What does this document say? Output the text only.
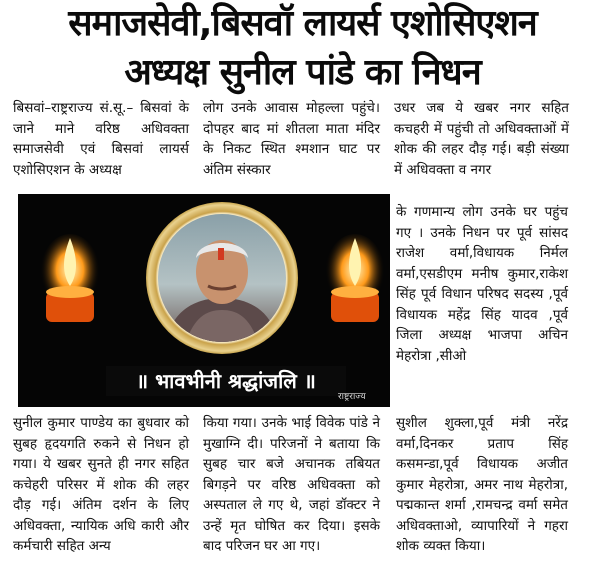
समाजसेवी,बिसवॉ लायर्स एशोसिएशन
अध्यक्ष सुनील पांडे का निधन

बिसवां–राष्ट्रराज्य सं.सू.– बिसवां के जाने माने वरिष्ठ अधिवक्ता समाजसेवी एवं बिसवां लायर्स एशोसिएशन के अध्यक्ष

लोग उनके आवास मोहल्ला पहुंचे। दोपहर बाद मां शीतला माता मंदिर के निकट स्थित श्मशान घाट पर अंतिम संस्कार

उधर जब ये खबर नगर सहित कचहरी में पहुंची तो अधिवक्ताओं में शोक की लहर दौड़ गई। बड़ी संख्या में अधिवक्ता व नगर

के गणमान्य लोग उनके घर पहुंच गए । उनके निधन पर पूर्व सांसद राजेश वर्मा,विधायक निर्मल वर्मा,एसडीएम मनीष कुमार,राकेश सिंह पूर्व विधान परिषद सदस्य ,पूर्व विधायक महेंद्र सिंह यादव ,पूर्व जिला अध्यक्ष भाजपा अचिन मेहरोत्रा ,सीओ

॥ भावभीनी श्रद्धांजलि ॥
राष्ट्रराज्य

सुनील कुमार पाण्डेय का बुधवार को सुबह हृदयगति रुकने से निधन हो गया। ये खबर सुनते ही नगर सहित कचेहरी परिसर में शोक की लहर दौड़ गई। अंतिम दर्शन के लिए अधिवक्ता, न्यायिक अधि कारी और कर्मचारी सहित अन्य

किया गया। उनके भाई विवेक पांडे ने मुखाग्नि दी। परिजनों ने बताया कि सुबह चार बजे अचानक तबियत बिगड़ने पर वरिष्ठ अधिवक्ता को अस्पताल ले गए थे, जहां डॉक्टर ने उन्हें मृत घोषित कर दिया। इसके बाद परिजन घर आ गए।

सुशील शुक्ला,पूर्व मंत्री नरेंद्र वर्मा,दिनकर प्रताप सिंह कसमन्डा,पूर्व विधायक अजीत कुमार मेहरोत्रा, अमर नाथ मेहरोत्रा, पद्मकान्त शर्मा ,रामचन्द्र वर्मा समेत अधिवक्ताओ, व्यापारियों ने गहरा शोक व्यक्त किया।
